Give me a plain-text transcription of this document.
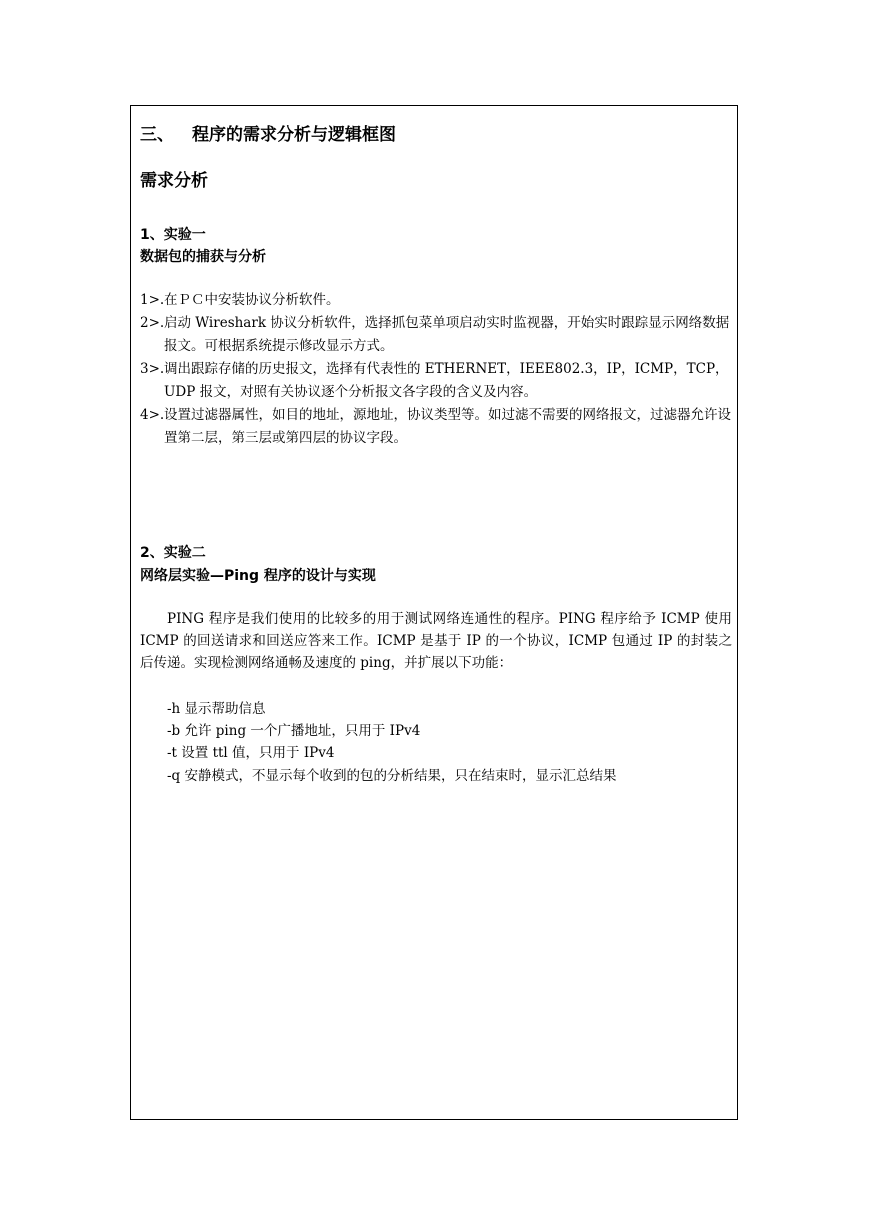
三、 程序的需求分析与逻辑框图
需求分析
1、实验一
数据包的捕获与分析
1>. 在ＰＣ中安装协议分析软件。
2>. 启动 Wireshark 协议分析软件，选择抓包菜单项启动实时监视器，开始实时跟踪显示网络数据报文。可根据系统提示修改显示方式。
3>. 调出跟踪存储的历史报文，选择有代表性的 ETHERNET，IEEE802.3，IP，ICMP，TCP，UDP 报文，对照有关协议逐个分析报文各字段的含义及内容。
4>. 设置过滤器属性，如目的地址，源地址，协议类型等。如过滤不需要的网络报文，过滤器允许设置第二层，第三层或第四层的协议字段。
2、实验二
网络层实验—Ping 程序的设计与实现

PING 程序是我们使用的比较多的用于测试网络连通性的程序。PING 程序给予 ICMP 使用 ICMP 的回送请求和回送应答来工作。ICMP 是基于 IP 的一个协议，ICMP 包通过 IP 的封装之后传递。实现检测网络通畅及速度的 ping，并扩展以下功能：

-h 显示帮助信息
-b 允许 ping 一个广播地址，只用于 IPv4
-t 设置 ttl 值，只用于 IPv4
-q 安静模式，不显示每个收到的包的分析结果，只在结束时，显示汇总结果
